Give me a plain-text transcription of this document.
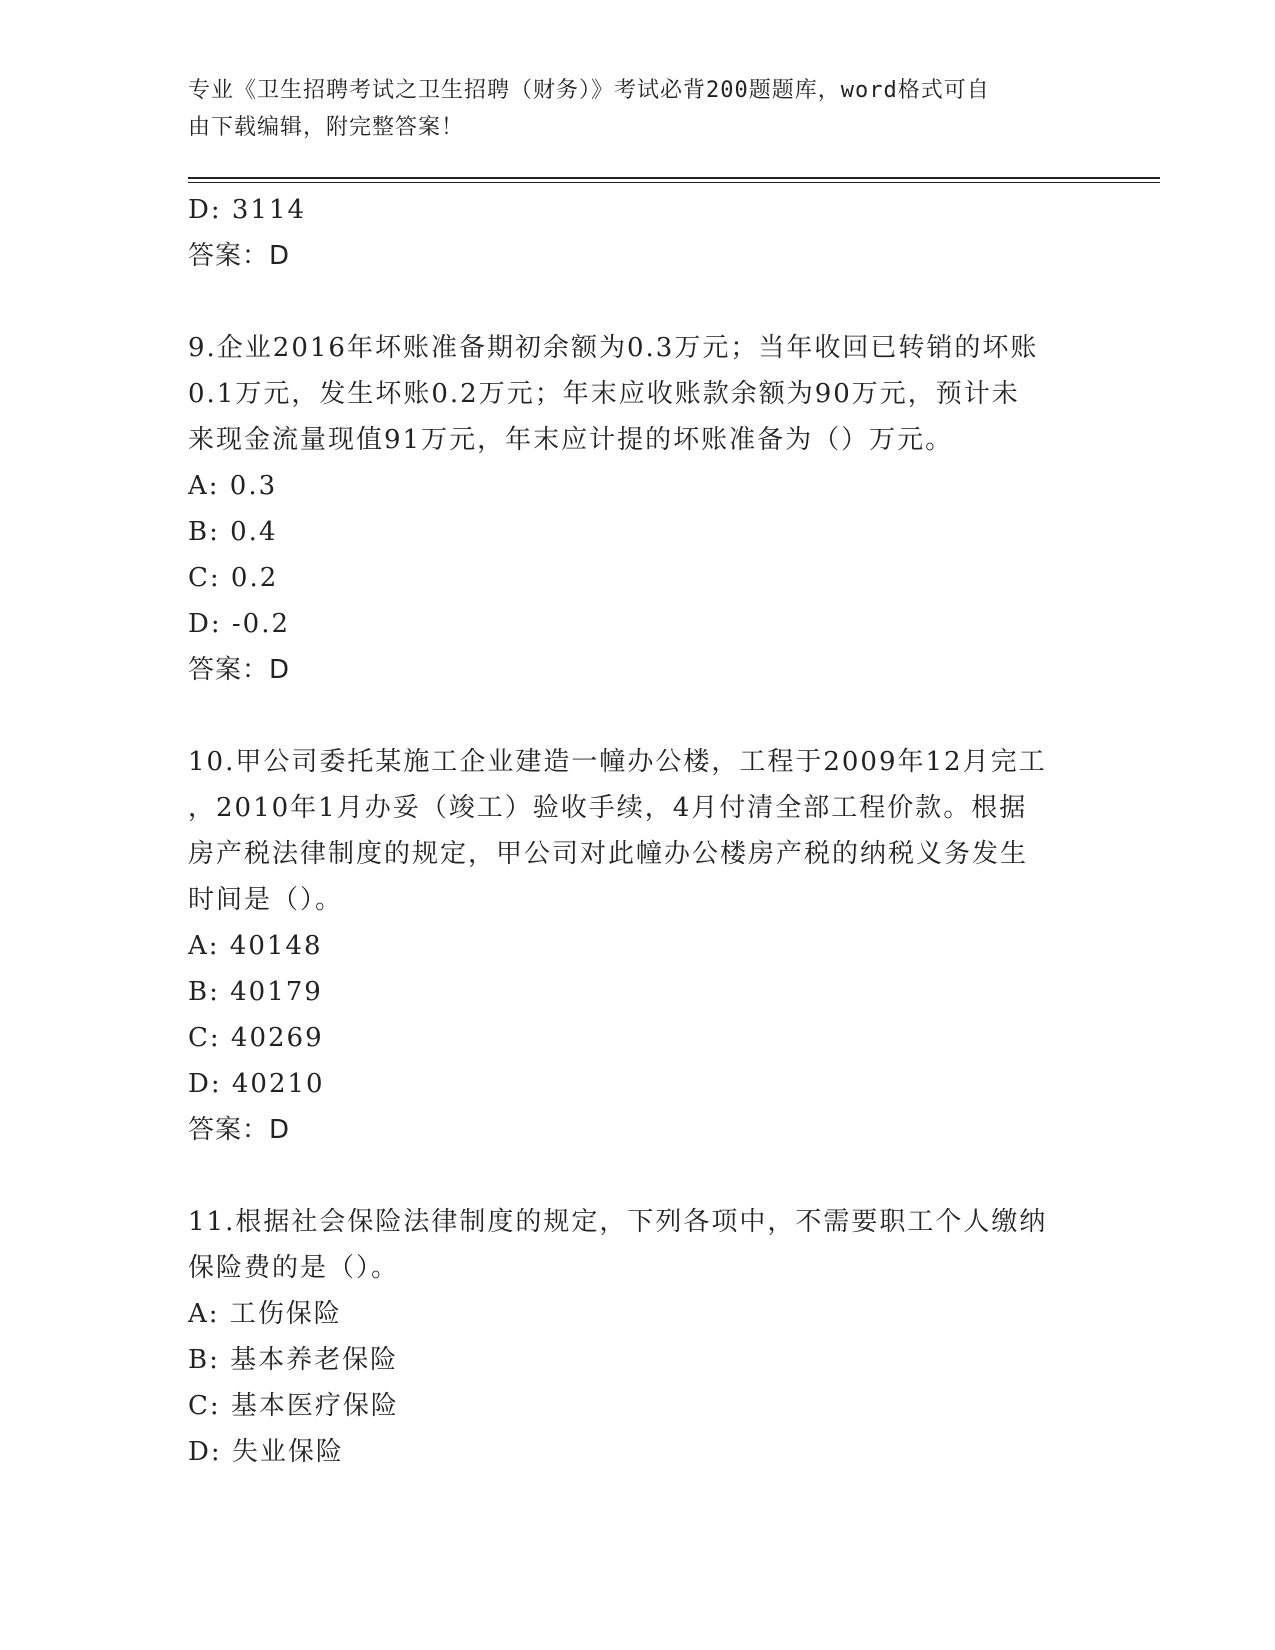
专业《卫生招聘考试之卫生招聘（财务）》考试必背200题题库，word格式可自
由下载编辑，附完整答案！
D: 3114
答案：D
9.企业2016年坏账准备期初余额为0.3万元；当年收回已转销的坏账
0.1万元，发生坏账0.2万元；年末应收账款余额为90万元，预计未
来现金流量现值91万元，年末应计提的坏账准备为（）万元。
A: 0.3
B: 0.4
C: 0.2
D: -0.2
答案：D
10.甲公司委托某施工企业建造一幢办公楼，工程于2009年12月完工
，2010年1月办妥（竣工）验收手续，4月付清全部工程价款。根据
房产税法律制度的规定，甲公司对此幢办公楼房产税的纳税义务发生
时间是（）。
A: 40148
B: 40179
C: 40269
D: 40210
答案：D
11.根据社会保险法律制度的规定，下列各项中，不需要职工个人缴纳
保险费的是（）。
A: 工伤保险
B: 基本养老保险
C: 基本医疗保险
D: 失业保险
